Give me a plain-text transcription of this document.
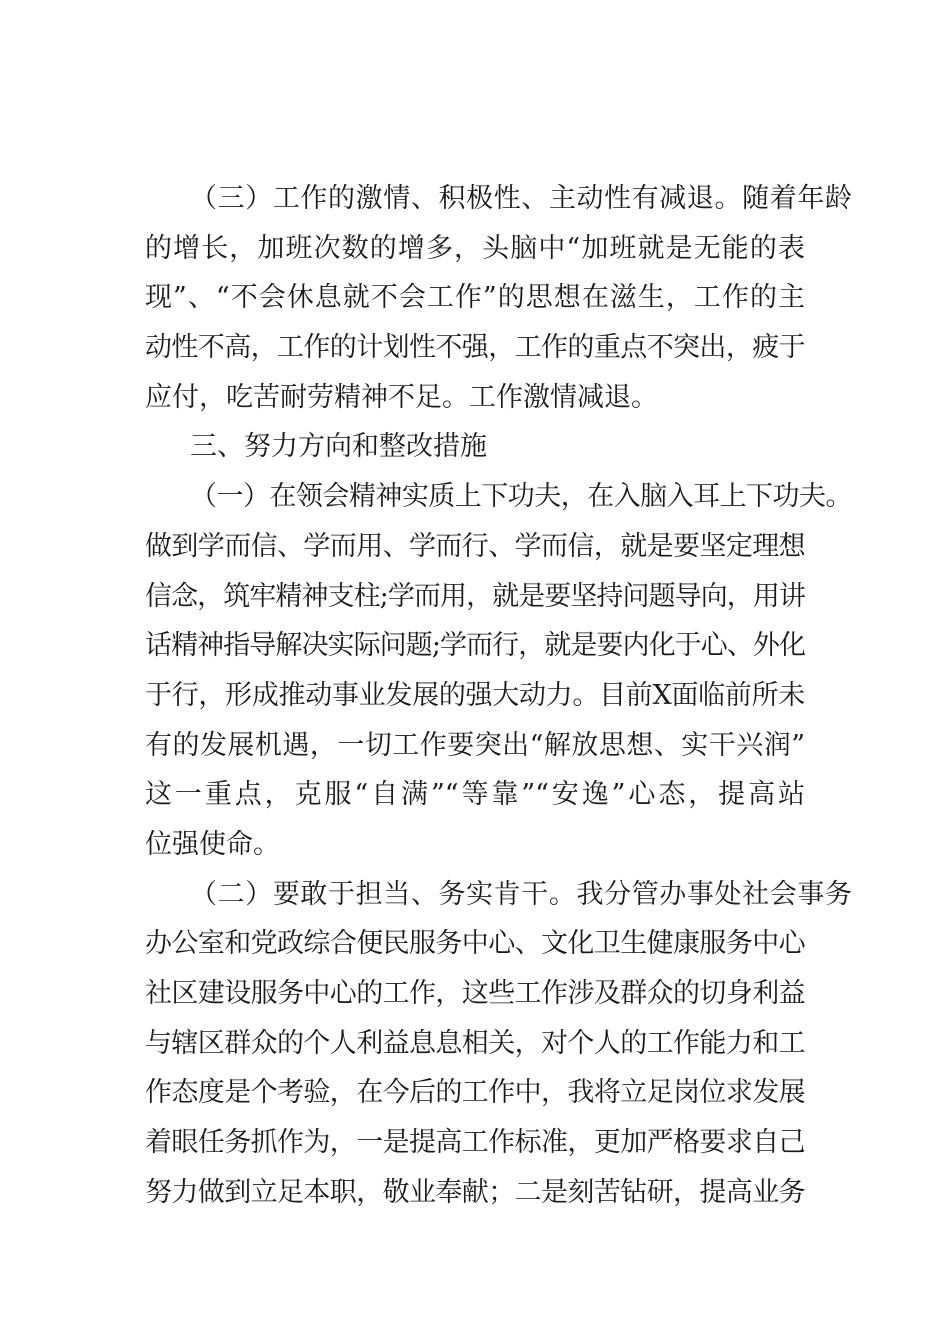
（三）工作的激情、积极性、主动性有减退。随着年龄
的增长，加班次数的增多，头脑中“加班就是无能的表
现”、“不会休息就不会工作”的思想在滋生，工作的主
动性不高，工作的计划性不强，工作的重点不突出，疲于
应付，吃苦耐劳精神不足。工作激情减退。
三、努力方向和整改措施
（一）在领会精神实质上下功夫，在入脑入耳上下功夫。
做到学而信、学而用、学而行、学而信，就是要坚定理想
信念，筑牢精神支柱;学而用，就是要坚持问题导向，用讲
话精神指导解决实际问题;学而行，就是要内化于心、外化
于行，形成推动事业发展的强大动力。目前X面临前所未
有的发展机遇，一切工作要突出“解放思想、实干兴润”
这一重点，克服“自满”“等靠”“安逸”心态，提高站
位强使命。
（二）要敢于担当、务实肯干。我分管办事处社会事务
办公室和党政综合便民服务中心、文化卫生健康服务中心
社区建设服务中心的工作，这些工作涉及群众的切身利益
与辖区群众的个人利益息息相关，对个人的工作能力和工
作态度是个考验，在今后的工作中，我将立足岗位求发展
着眼任务抓作为，一是提高工作标准，更加严格要求自己
努力做到立足本职，敬业奉献；二是刻苦钻研，提高业务
